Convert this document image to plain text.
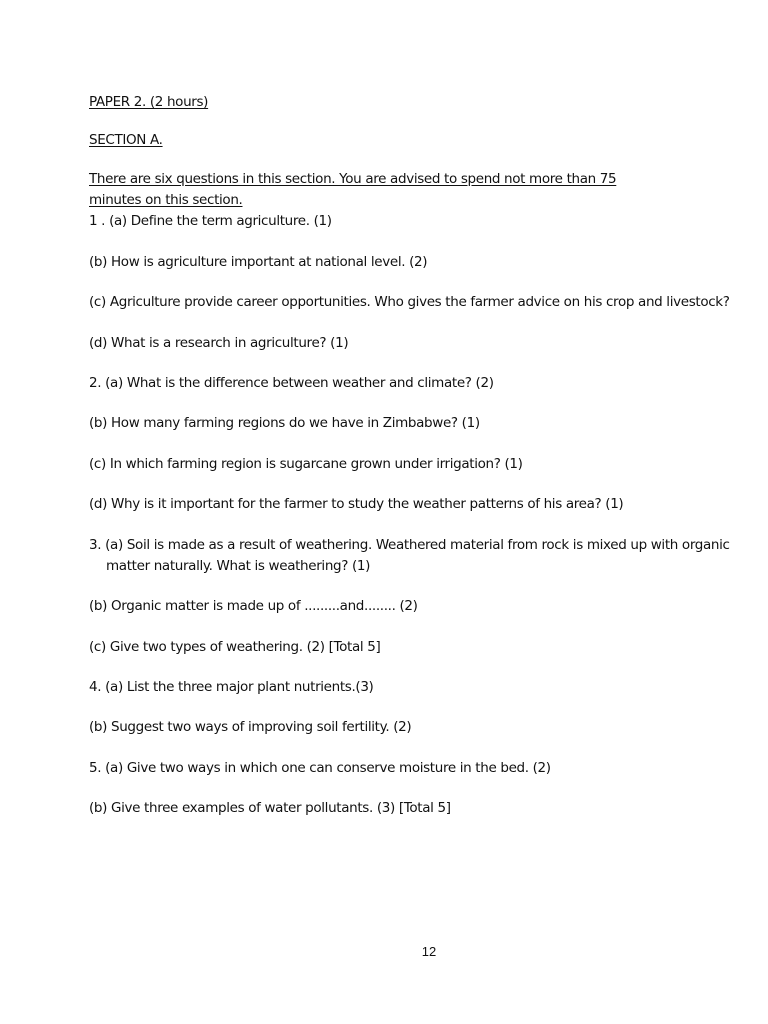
PAPER 2. (2 hours)
SECTION A.
There are six questions in this section. You are advised to spend not more than 75
minutes on this section.
1 . (a) Define the term agriculture. (1)
(b) How is agriculture important at national level. (2)
(c) Agriculture provide career opportunities. Who gives the farmer advice on his crop and livestock?
(d) What is a research in agriculture? (1)
2. (a) What is the difference between weather and climate? (2)
(b) How many farming regions do we have in Zimbabwe? (1)
(c) In which farming region is sugarcane grown under irrigation? (1)
(d) Why is it important for the farmer to study the weather patterns of his area? (1)
3. (a) Soil is made as a result of weathering. Weathered material from rock is mixed up with organic
matter naturally. What is weathering? (1)
(b) Organic matter is made up of .........and........ (2)
(c) Give two types of weathering. (2) [Total 5]
4. (a) List the three major plant nutrients.(3)
(b) Suggest two ways of improving soil fertility. (2)
5. (a) Give two ways in which one can conserve moisture in the bed. (2)
(b) Give three examples of water pollutants. (3) [Total 5]
12
